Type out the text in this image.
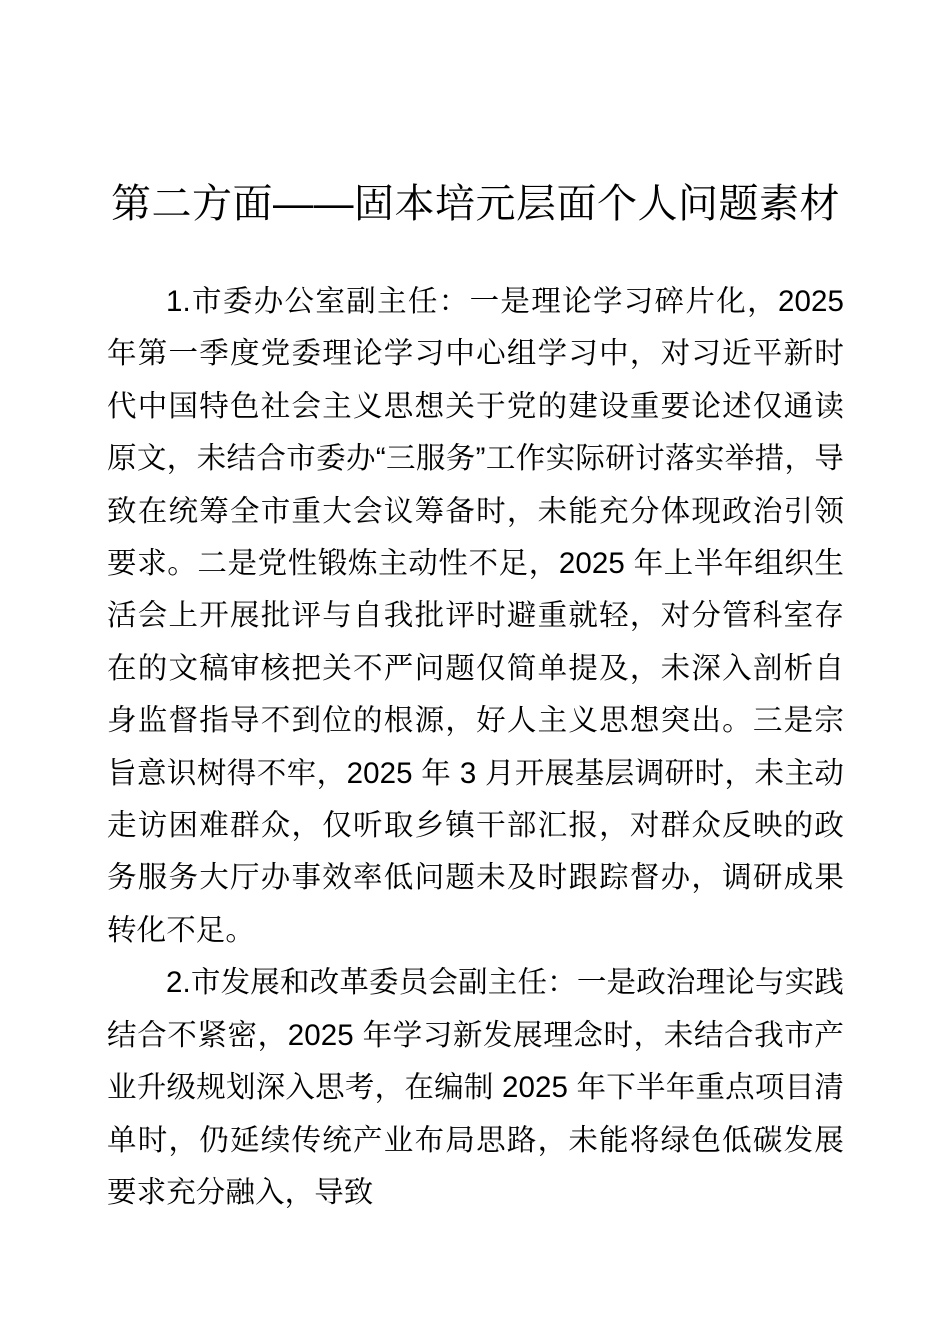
第二方面——固本培元层面个人问题素材

1.市委办公室副主任：一是理论学习碎片化，2025 年第一季度党委理论学习中心组学习中，对习近平新时代中国特色社会主义思想关于党的建设重要论述仅通读原文，未结合市委办“三服务”工作实际研讨落实举措，导致在统筹全市重大会议筹备时，未能充分体现政治引领要求。二是党性锻炼主动性不足，2025 年上半年组织生活会上开展批评与自我批评时避重就轻，对分管科室存在的文稿审核把关不严问题仅简单提及，未深入剖析自身监督指导不到位的根源，好人主义思想突出。三是宗旨意识树得不牢，2025 年 3 月开展基层调研时，未主动走访困难群众，仅听取乡镇干部汇报，对群众反映的政务服务大厅办事效率低问题未及时跟踪督办，调研成果转化不足。

2.市发展和改革委员会副主任：一是政治理论与实践结合不紧密，2025 年学习新发展理念时，未结合我市产业升级规划深入思考，在编制 2025 年下半年重点项目清单时，仍延续传统产业布局思路，未能将绿色低碳发展要求充分融入，导致
